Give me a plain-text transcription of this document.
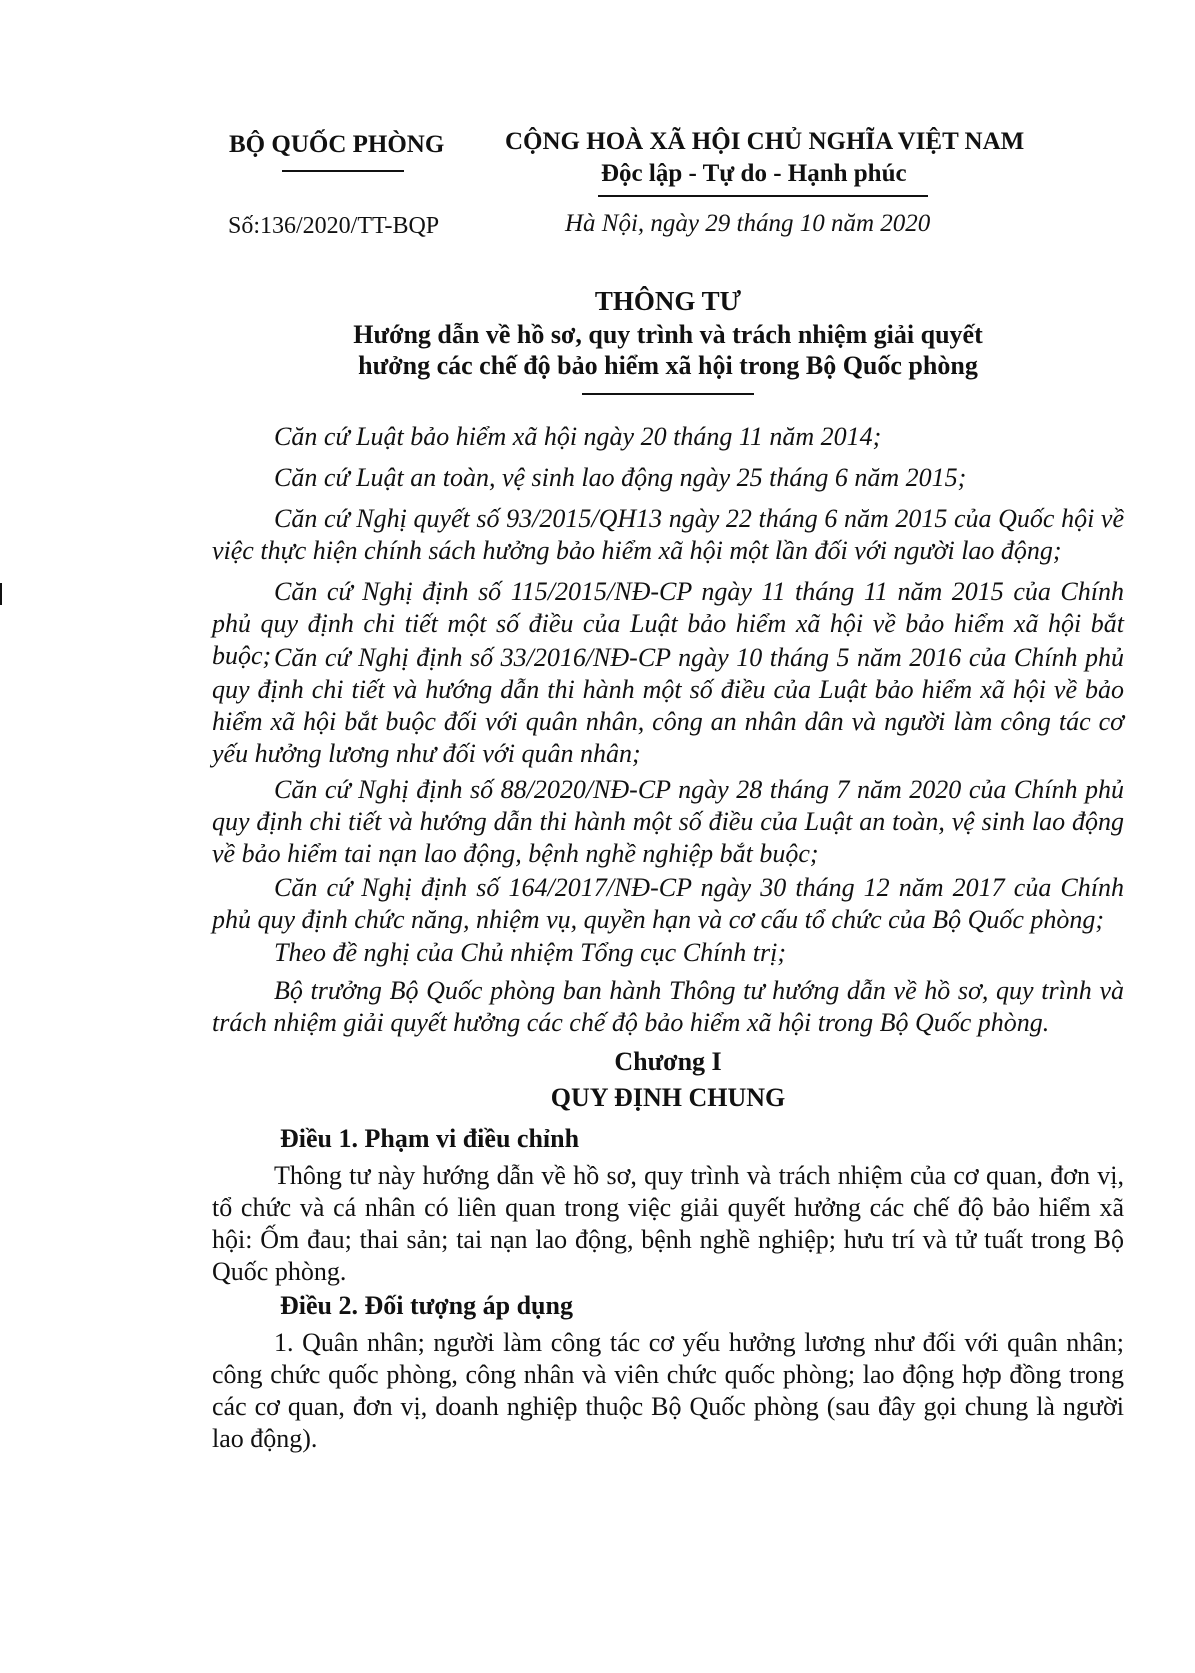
BỘ QUỐC PHÒNG CỘNG HOÀ XÃ HỘI CHỦ NGHĨA VIỆT NAM
Độc lập - Tự do - Hạnh phúc
Số:136/2020/TT-BQP	Hà Nội, ngày 29 tháng 10 năm 2020
THÔNG TƯ
Hướng dẫn về hồ sơ, quy trình và trách nhiệm giải quyết
hưởng các chế độ bảo hiểm xã hội trong Bộ Quốc phòng
Căn cứ Luật bảo hiểm xã hội ngày 20 tháng 11 năm 2014;
Căn cứ Luật an toàn, vệ sinh lao động ngày 25 tháng 6 năm 2015;
Căn cứ Nghị quyết số 93/2015/QH13 ngày 22 tháng 6 năm 2015 của Quốc hội về việc thực hiện chính sách hưởng bảo hiểm xã hội một lần đối với người lao động;
Căn cứ Nghị định số 115/2015/NĐ-CP ngày 11 tháng 11 năm 2015 của Chính phủ quy định chi tiết một số điều của Luật bảo hiểm xã hội về bảo hiểm xã hội bắt buộc; Căn cứ Nghị định số 33/2016/NĐ-CP ngày 10 tháng 5 năm 2016 của Chính phủ quy định chi tiết và hướng dẫn thi hành một số điều của Luật bảo hiểm xã hội về bảo hiểm xã hội bắt buộc đối với quân nhân, công an nhân dân và người làm công tác cơ yếu hưởng lương như đối với quân nhân;
Căn cứ Nghị định số 88/2020/NĐ-CP ngày 28 tháng 7 năm 2020 của Chính phủ quy định chi tiết và hướng dẫn thi hành một số điều của Luật an toàn, vệ sinh lao động về bảo hiểm tai nạn lao động, bệnh nghề nghiệp bắt buộc;
Căn cứ Nghị định số 164/2017/NĐ-CP ngày 30 tháng 12 năm 2017 của Chính phủ quy định chức năng, nhiệm vụ, quyền hạn và cơ cấu tổ chức của Bộ Quốc phòng;
Theo đề nghị của Chủ nhiệm Tổng cục Chính trị;
Bộ trưởng Bộ Quốc phòng ban hành Thông tư hướng dẫn về hồ sơ, quy trình và trách nhiệm giải quyết hưởng các chế độ bảo hiểm xã hội trong Bộ Quốc phòng.
Chương I
QUY ĐỊNH CHUNG
Điều 1. Phạm vi điều chỉnh
Thông tư này hướng dẫn về hồ sơ, quy trình và trách nhiệm của cơ quan, đơn vị, tổ chức và cá nhân có liên quan trong việc giải quyết hưởng các chế độ bảo hiểm xã hội: Ốm đau; thai sản; tai nạn lao động, bệnh nghề nghiệp; hưu trí và tử tuất trong Bộ Quốc phòng.
Điều 2. Đối tượng áp dụng
1. Quân nhân; người làm công tác cơ yếu hưởng lương như đối với quân nhân; công chức quốc phòng, công nhân và viên chức quốc phòng; lao động hợp đồng trong các cơ quan, đơn vị, doanh nghiệp thuộc Bộ Quốc phòng (sau đây gọi chung là người lao động).
